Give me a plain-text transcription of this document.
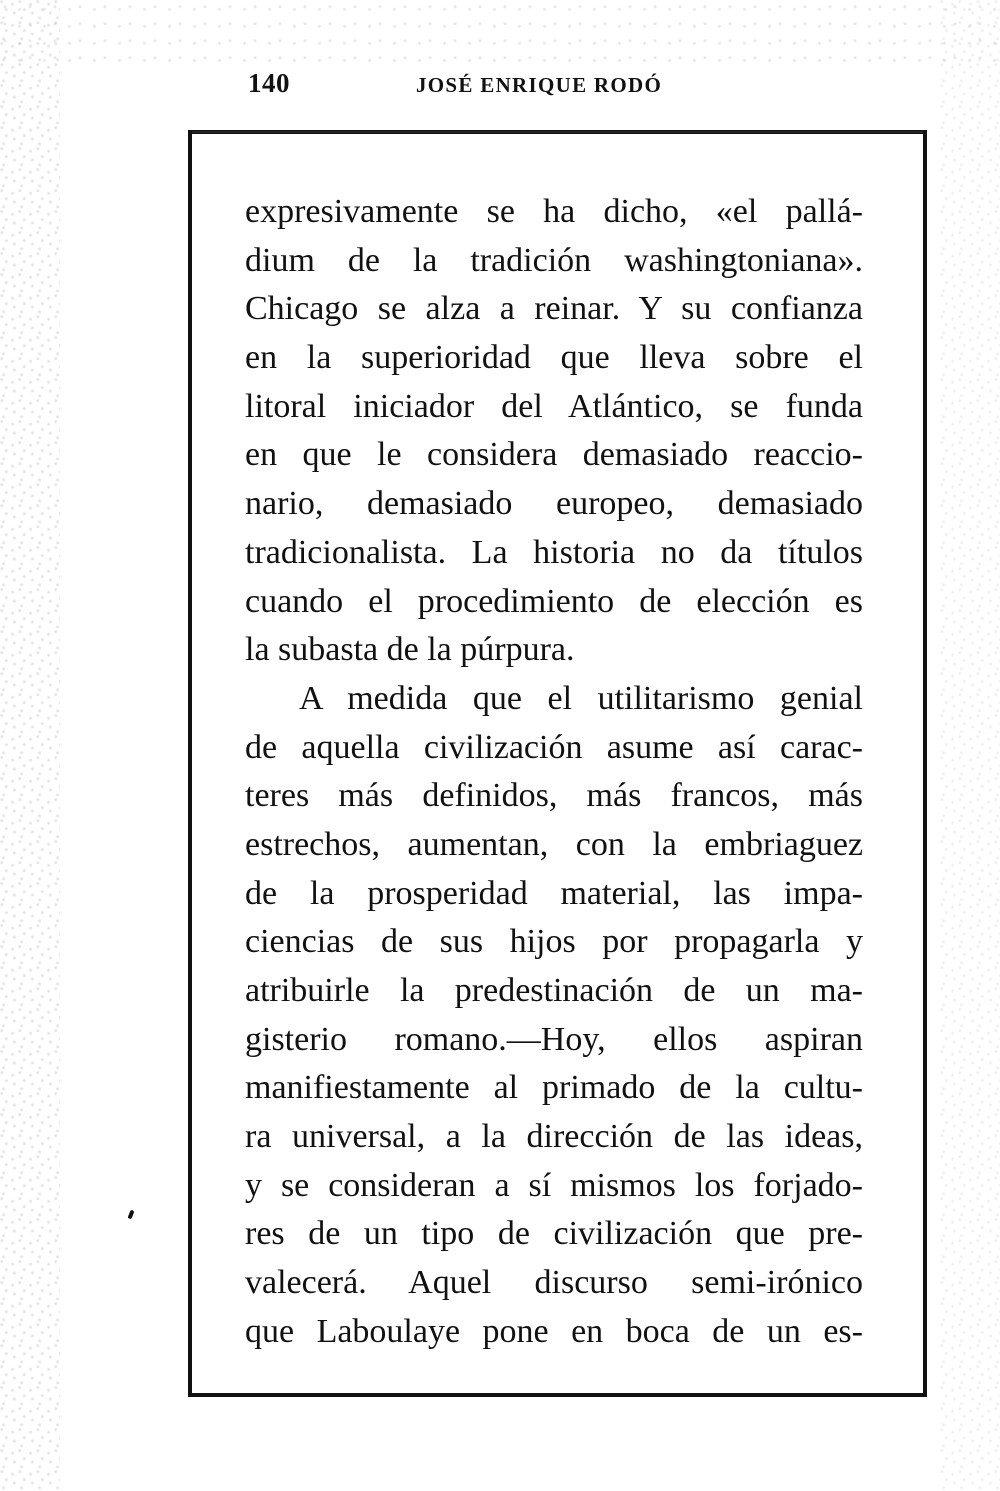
140	JOSÉ ENRIQUE RODÓ
expresivamente se ha dicho, «el pallá-
dium de la tradición washingtoniana».
Chicago se alza a reinar. Y su confianza
en la superioridad que lleva sobre el
litoral iniciador del Atlántico, se funda
en que le considera demasiado reaccio-
nario, demasiado europeo, demasiado
tradicionalista. La historia no da títulos
cuando el procedimiento de elección es
la subasta de la púrpura.
A medida que el utilitarismo genial
de aquella civilización asume así carac-
teres más definidos, más francos, más
estrechos, aumentan, con la embriaguez
de la prosperidad material, las impa-
ciencias de sus hijos por propagarla y
atribuirle la predestinación de un ma-
gisterio romano.—Hoy, ellos aspiran
manifiestamente al primado de la cultu-
ra universal, a la dirección de las ideas,
y se consideran a sí mismos los forjado-
res de un tipo de civilización que pre-
valecerá. Aquel discurso semi-irónico
que Laboulaye pone en boca de un es-
